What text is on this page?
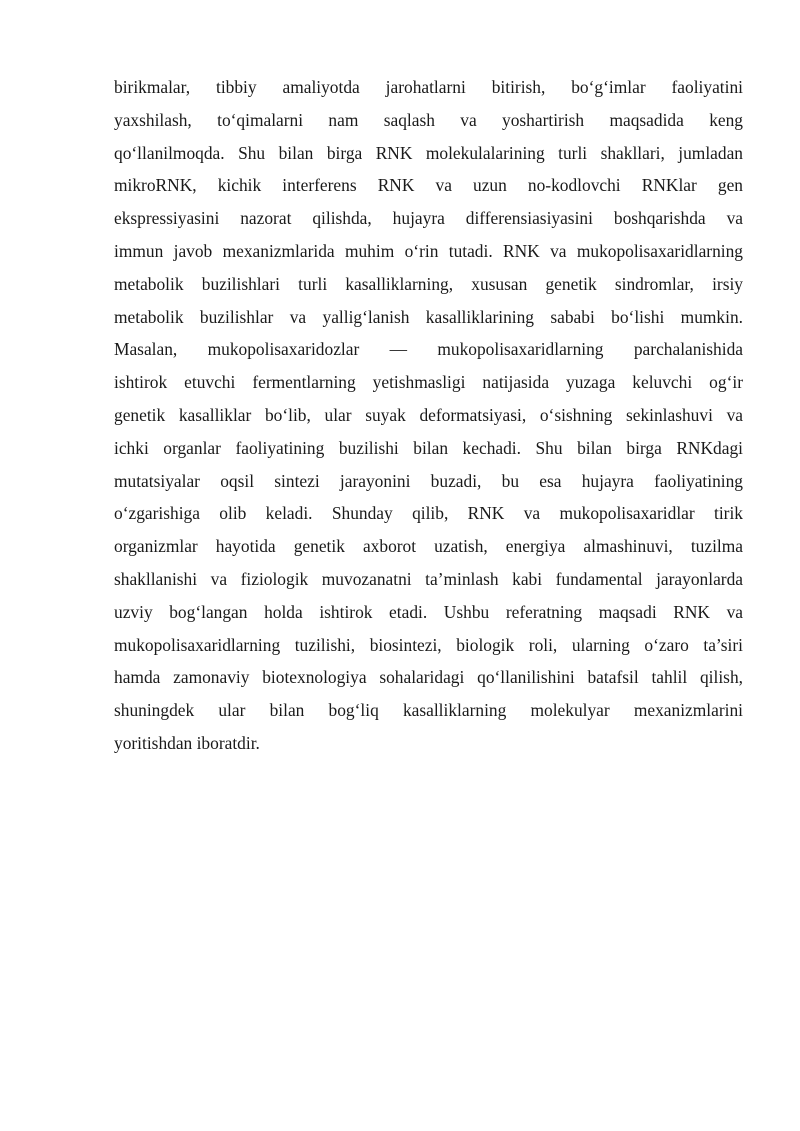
birikmalar, tibbiy amaliyotda jarohatlarni bitirish, bo‘g‘imlar faoliyatini
yaxshilash, to‘qimalarni nam saqlash va yoshartirish maqsadida keng
qo‘llanilmoqda. Shu bilan birga RNK molekulalarining turli shakllari, jumladan
mikroRNK, kichik interferens RNK va uzun no-kodlovchi RNKlar gen
ekspressiyasini nazorat qilishda, hujayra differensiasiyasini boshqarishda va
immun javob mexanizmlarida muhim o‘rin tutadi. RNK va mukopolisaxaridlarning
metabolik buzilishlari turli kasalliklarning, xususan genetik sindromlar, irsiy
metabolik buzilishlar va yallig‘lanish kasalliklarining sababi bo‘lishi mumkin.
Masalan, mukopolisaxaridozlar — mukopolisaxaridlarning parchalanishida
ishtirok etuvchi fermentlarning yetishmasligi natijasida yuzaga keluvchi og‘ir
genetik kasalliklar bo‘lib, ular suyak deformatsiyasi, o‘sishning sekinlashuvi va
ichki organlar faoliyatining buzilishi bilan kechadi. Shu bilan birga RNKdagi
mutatsiyalar oqsil sintezi jarayonini buzadi, bu esa hujayra faoliyatining
o‘zgarishiga olib keladi. Shunday qilib, RNK va mukopolisaxaridlar tirik
organizmlar hayotida genetik axborot uzatish, energiya almashinuvi, tuzilma
shakllanishi va fiziologik muvozanatni ta’minlash kabi fundamental jarayonlarda
uzviy bog‘langan holda ishtirok etadi. Ushbu referatning maqsadi RNK va
mukopolisaxaridlarning tuzilishi, biosintezi, biologik roli, ularning o‘zaro ta’siri
hamda zamonaviy biotexnologiya sohalaridagi qo‘llanilishini batafsil tahlil qilish,
shuningdek ular bilan bog‘liq kasalliklarning molekulyar mexanizmlarini
yoritishdan iboratdir.
